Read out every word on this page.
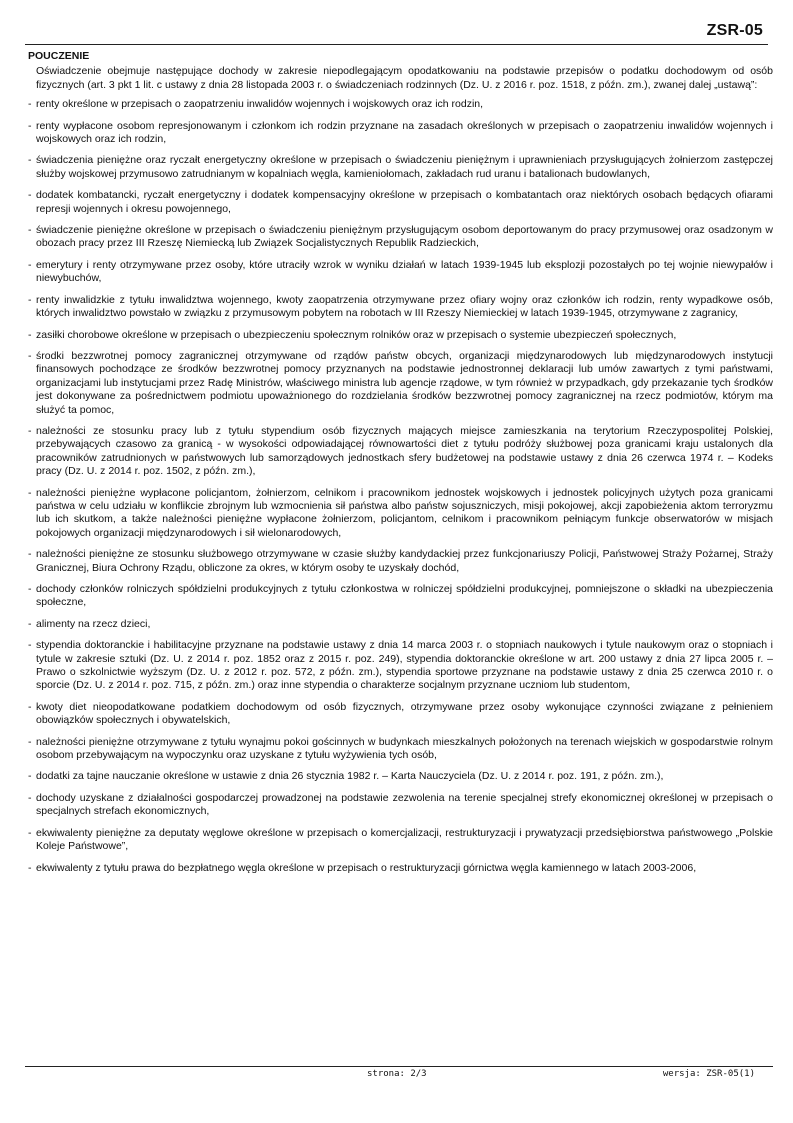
ZSR-05
POUCZENIE
Oświadczenie obejmuje następujące dochody w zakresie niepodlegającym opodatkowaniu na podstawie przepisów o podatku dochodowym od osób fizycznych (art. 3 pkt 1 lit. c ustawy z dnia 28 listopada 2003 r. o świadczeniach rodzinnych (Dz. U. z 2016 r. poz. 1518, z późn. zm.), zwanej dalej „ustawą”:
- renty określone w przepisach o zaopatrzeniu inwalidów wojennych i wojskowych oraz ich rodzin,
- renty wypłacone osobom represjonowanym i członkom ich rodzin przyznane na zasadach określonych w przepisach o zaopatrzeniu inwalidów wojennych i wojskowych oraz ich rodzin,
- świadczenia pieniężne oraz ryczałt energetyczny określone w przepisach o świadczeniu pieniężnym i uprawnieniach przysługujących żołnierzom zastępczej służby wojskowej przymusowo zatrudnianym w kopalniach węgla, kamieniołomach, zakładach rud uranu i batalionach budowlanych,
- dodatek kombatancki, ryczałt energetyczny i dodatek kompensacyjny określone w przepisach o kombatantach oraz niektórych osobach będących ofiarami represji wojennych i okresu powojennego,
- świadczenie pieniężne określone w przepisach o świadczeniu pieniężnym przysługującym osobom deportowanym do pracy przymusowej oraz osadzonym w obozach pracy przez III Rzeszę Niemiecką lub Związek Socjalistycznych Republik Radzieckich,
- emerytury i renty otrzymywane przez osoby, które utraciły wzrok w wyniku działań w latach 1939-1945 lub eksplozji pozostałych po tej wojnie niewypałów i niewybuchów,
- renty inwalidzkie z tytułu inwalidztwa wojennego, kwoty zaopatrzenia otrzymywane przez ofiary wojny oraz członków ich rodzin, renty wypadkowe osób, których inwalidztwo powstało w związku z przymusowym pobytem na robotach w III Rzeszy Niemieckiej w latach 1939-1945, otrzymywane z zagranicy,
- zasiłki chorobowe określone w przepisach o ubezpieczeniu społecznym rolników oraz w przepisach o systemie ubezpieczeń społecznych,
- środki bezzwrotnej pomocy zagranicznej otrzymywane od rządów państw obcych, organizacji międzynarodowych lub międzynarodowych instytucji finansowych pochodzące ze środków bezzwrotnej pomocy przyznanych na podstawie jednostronnej deklaracji lub umów zawartych z tymi państwami, organizacjami lub instytucjami przez Radę Ministrów, właściwego ministra lub agencje rządowe, w tym również w przypadkach, gdy przekazanie tych środków jest dokonywane za pośrednictwem podmiotu upoważnionego do rozdzielania środków bezzwrotnej pomocy zagranicznej na rzecz podmiotów, którym ma służyć ta pomoc,
- należności ze stosunku pracy lub z tytułu stypendium osób fizycznych mających miejsce zamieszkania na terytorium Rzeczypospolitej Polskiej, przebywających czasowo za granicą - w wysokości odpowiadającej równowartości diet z tytułu podróży służbowej poza granicami kraju ustalonych dla pracowników zatrudnionych w państwowych lub samorządowych jednostkach sfery budżetowej na podstawie ustawy z dnia 26 czerwca 1974 r. – Kodeks pracy (Dz. U. z 2014 r. poz. 1502, z późn. zm.),
- należności pieniężne wypłacone policjantom, żołnierzom, celnikom i pracownikom jednostek wojskowych i jednostek policyjnych użytych poza granicami państwa w celu udziału w konflikcie zbrojnym lub wzmocnienia sił państwa albo państw sojuszniczych, misji pokojowej, akcji zapobieżenia aktom terroryzmu lub ich skutkom, a także należności pieniężne wypłacone żołnierzom, policjantom, celnikom i pracownikom pełniącym funkcje obserwatorów w misjach pokojowych organizacji międzynarodowych i sił wielonarodowych,
- należności pieniężne ze stosunku służbowego otrzymywane w czasie służby kandydackiej przez funkcjonariuszy Policji, Państwowej Straży Pożarnej, Straży Granicznej, Biura Ochrony Rządu, obliczone za okres, w którym osoby te uzyskały dochód,
- dochody członków rolniczych spółdzielni produkcyjnych z tytułu członkostwa w rolniczej spółdzielni produkcyjnej, pomniejszone o składki na ubezpieczenia społeczne,
- alimenty na rzecz dzieci,
- stypendia doktoranckie i habilitacyjne przyznane na podstawie ustawy z dnia 14 marca 2003 r. o stopniach naukowych i tytule naukowym oraz o stopniach i tytule w zakresie sztuki (Dz. U. z 2014 r. poz. 1852 oraz z 2015 r. poz. 249), stypendia doktoranckie określone w art. 200 ustawy z dnia 27 lipca 2005 r. – Prawo o szkolnictwie wyższym (Dz. U. z 2012 r. poz. 572, z późn. zm.), stypendia sportowe przyznane na podstawie ustawy z dnia 25 czerwca 2010 r. o sporcie (Dz. U. z 2014 r. poz. 715, z późn. zm.) oraz inne stypendia o charakterze socjalnym przyznane uczniom lub studentom,
- kwoty diet nieopodatkowane podatkiem dochodowym od osób fizycznych, otrzymywane przez osoby wykonujące czynności związane z pełnieniem obowiązków społecznych i obywatelskich,
- należności pieniężne otrzymywane z tytułu wynajmu pokoi gościnnych w budynkach mieszkalnych położonych na terenach wiejskich w gospodarstwie rolnym osobom przebywającym na wypoczynku oraz uzyskane z tytułu wyżywienia tych osób,
- dodatki za tajne nauczanie określone w ustawie z dnia 26 stycznia 1982 r. – Karta Nauczyciela (Dz. U. z 2014 r. poz. 191, z późn. zm.),
- dochody uzyskane z działalności gospodarczej prowadzonej na podstawie zezwolenia na terenie specjalnej strefy ekonomicznej określonej w przepisach o specjalnych strefach ekonomicznych,
- ekwiwalenty pieniężne za deputaty węglowe określone w przepisach o komercjalizacji, restrukturyzacji i prywatyzacji przedsiębiorstwa państwowego „Polskie Koleje Państwowe”,
- ekwiwalenty z tytułu prawa do bezpłatnego węgla określone w przepisach o restrukturyzacji górnictwa węgla kamiennego w latach 2003-2006,
strona: 2/3	wersja: ZSR-05(1)
